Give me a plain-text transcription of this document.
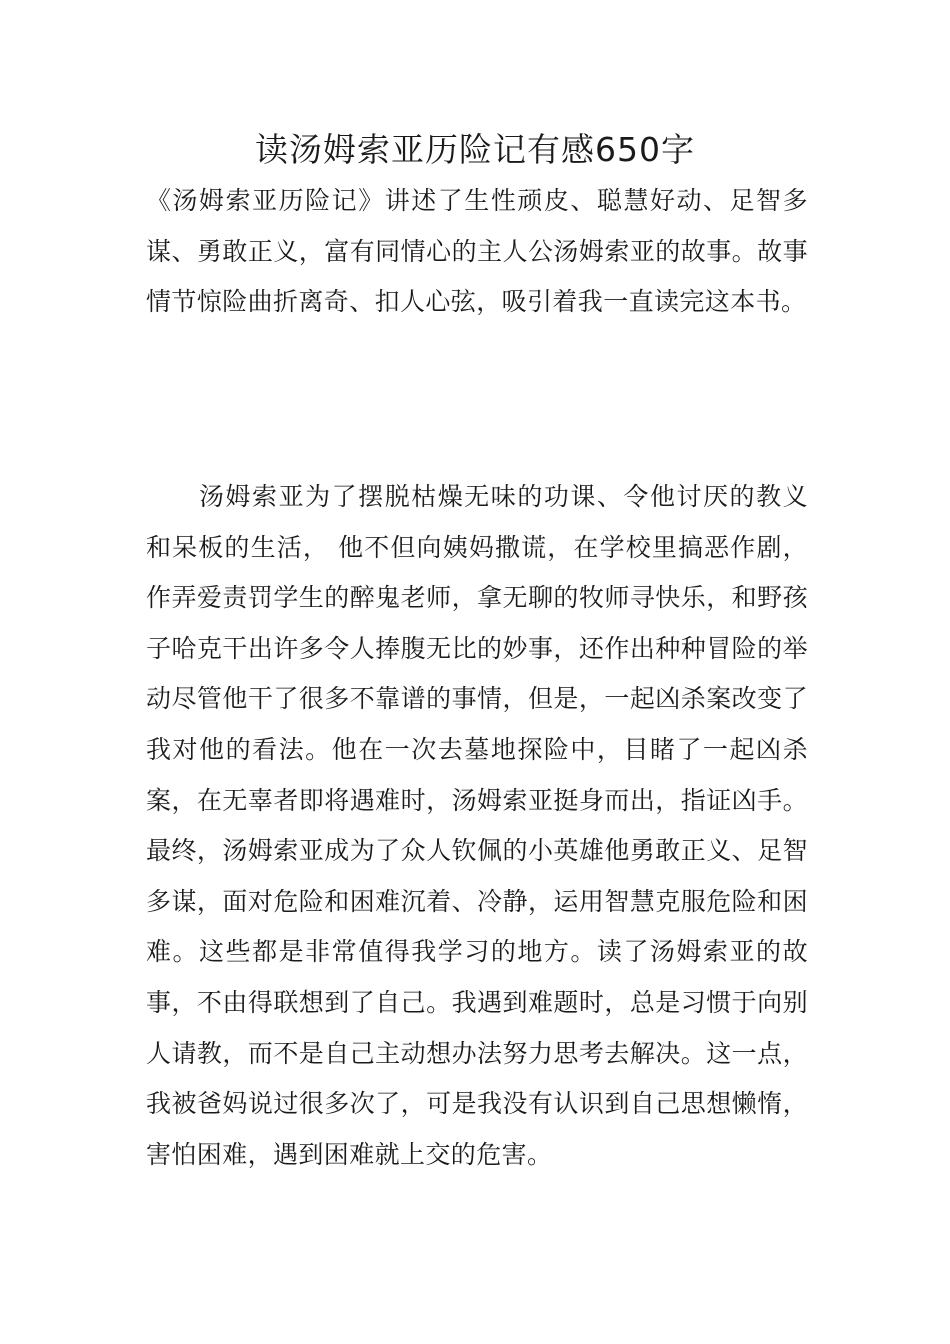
读汤姆索亚历险记有感650字

《汤姆索亚历险记》讲述了生性顽皮、聪慧好动、足智多谋、勇敢正义，富有同情心的主人公汤姆索亚的故事。故事情节惊险曲折离奇、扣人心弦，吸引着我一直读完这本书。

汤姆索亚为了摆脱枯燥无味的功课、令他讨厌的教义和呆板的生活， 他不但向姨妈撒谎，在学校里搞恶作剧，作弄爱责罚学生的醉鬼老师，拿无聊的牧师寻快乐，和野孩子哈克干出许多令人捧腹无比的妙事，还作出种种冒险的举动尽管他干了很多不靠谱的事情，但是，一起凶杀案改变了我对他的看法。他在一次去墓地探险中，目睹了一起凶杀案，在无辜者即将遇难时，汤姆索亚挺身而出，指证凶手。最终，汤姆索亚成为了众人钦佩的小英雄他勇敢正义、足智多谋，面对危险和困难沉着、冷静，运用智慧克服危险和困难。这些都是非常值得我学习的地方。读了汤姆索亚的故事，不由得联想到了自己。我遇到难题时，总是习惯于向别人请教，而不是自己主动想办法努力思考去解决。这一点，我被爸妈说过很多次了，可是我没有认识到自己思想懒惰，害怕困难，遇到困难就上交的危害。
